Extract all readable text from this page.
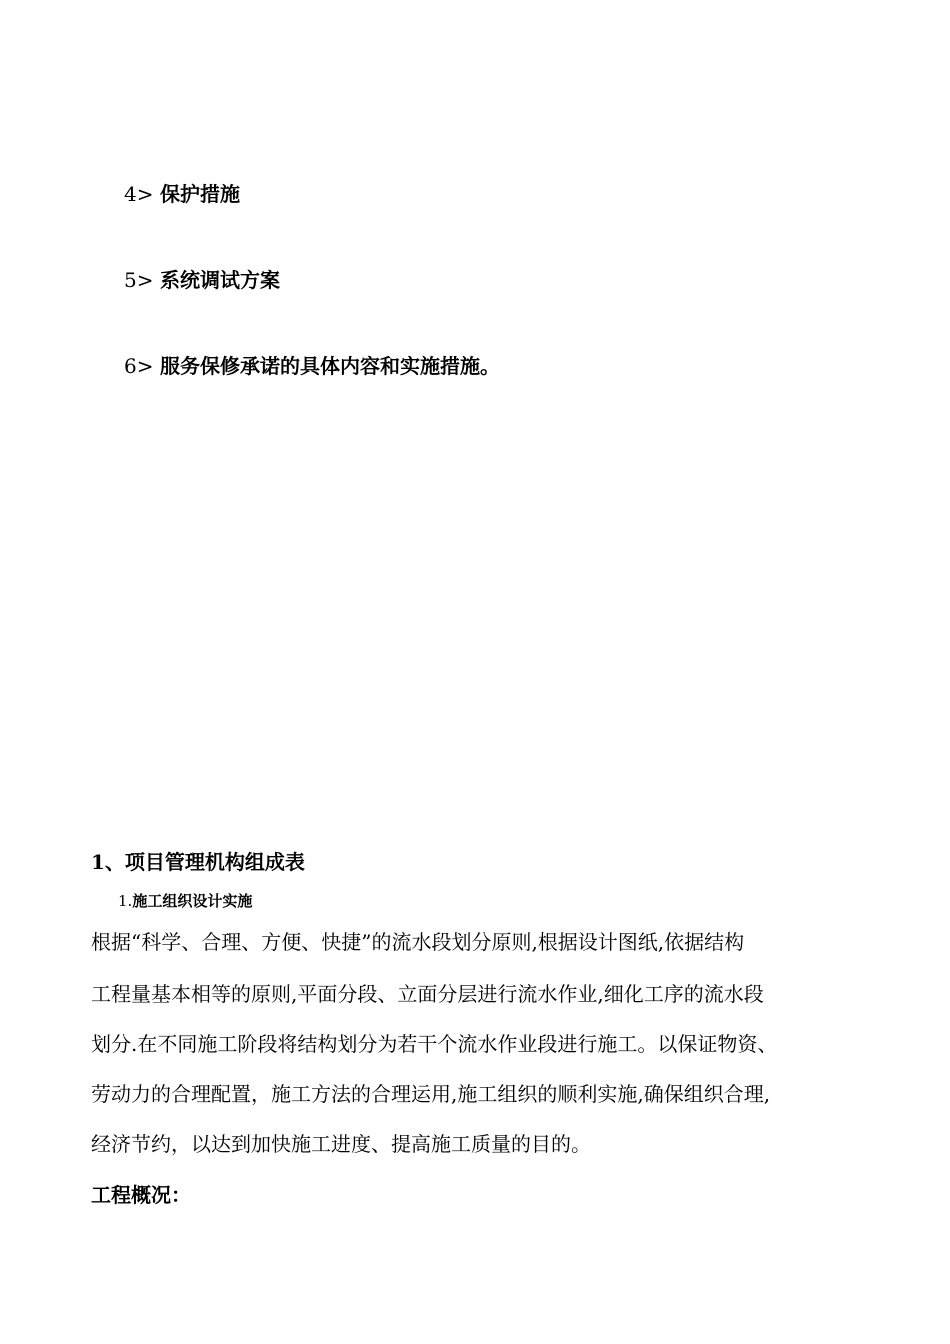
4> 保护措施
5> 系统调试方案
6> 服务保修承诺的具体内容和实施措施。
1、项目管理机构组成表
1.施工组织设计实施
根据“科学、合理、方便、快捷”的流水段划分原则,根据设计图纸,依据结构
工程量基本相等的原则,平面分段、立面分层进行流水作业,细化工序的流水段
划分.在不同施工阶段将结构划分为若干个流水作业段进行施工。以保证物资、
劳动力的合理配置，施工方法的合理运用,施工组织的顺利实施,确保组织合理,
经济节约，以达到加快施工进度、提高施工质量的目的。
工程概况：
